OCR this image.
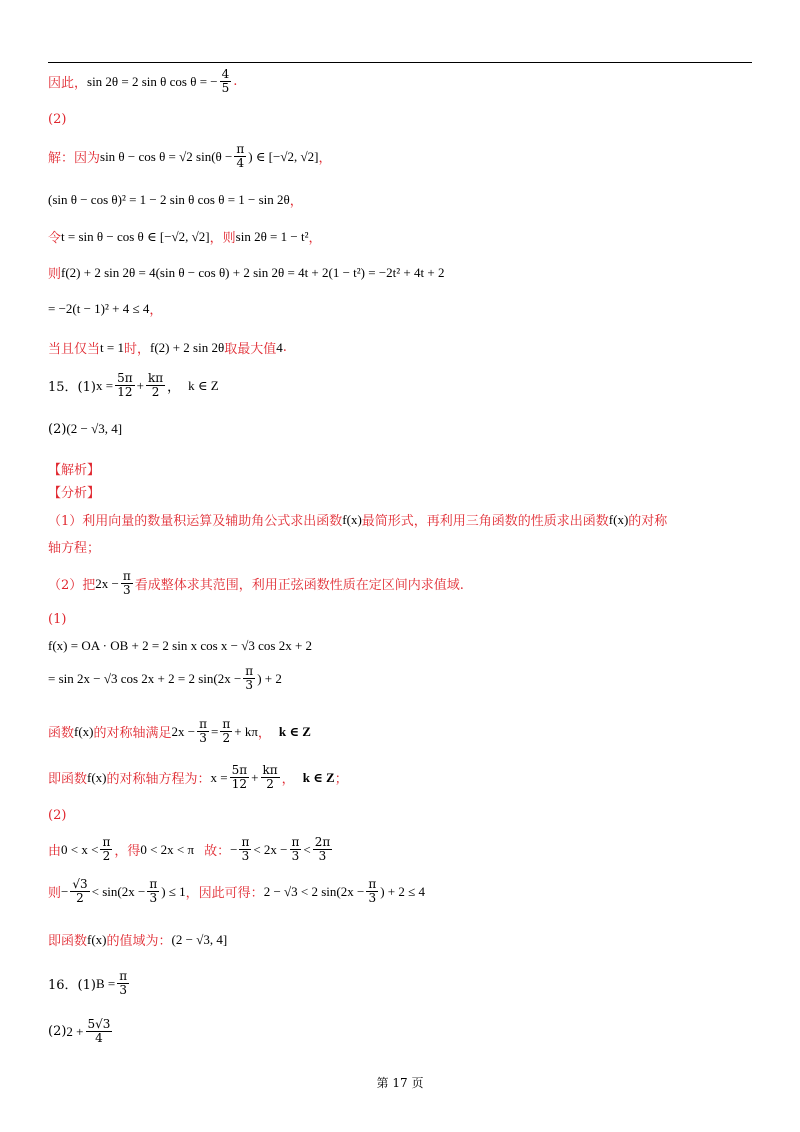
因此， sin 2θ = 2 sin θ cos θ = − $\frac{4}{5}$ .
(2)
解：因为 sin θ − cos θ = √2 $\sin(\theta - \frac{\pi}{4}$ ) ∈ [−√2, √2] ，
(sin θ − cos θ)² = 1 − 2 sin θ cos θ = 1 − sin 2θ ，
令 t = sin θ − cos θ ∈ [−√2, √2] ，则 sin 2θ = 1 − t² ，
则 f(2) + 2 sin 2θ = 4(sin θ − cos θ) + 2 sin 2θ = 4t + 2(1 − t²) = −2t² + 4t + 2
= −2(t − 1)² + 4 ≤ 4 ，
当且仅当 t = 1 时， f(2) + 2 sin 2θ 取最大值 4 .
15．(1) $x = \frac{5\pi}{12} + \frac{k\pi}{2}$ ， k ∈ Z
(2) (2 − √3, 4]
【解析】
【分析】
（1）利用向量的数量积运算及辅助角公式求出函数 f(x) 最简形式，再利用三角函数的性质求出函数 f(x) 的对称
轴方程；
（2）把 $2x - \frac{\pi}{3}$ 看成整体求其范围，利用正弦函数性质在定区间内求值域.
(1)
f(x) = OA · OB + 2 = 2 sin x cos x − √3 cos 2x + 2
= sin 2x − √3 cos 2x + 2 = 2 $\sin(2x - \frac{\pi}{3}$ ) + 2
函数 f(x) 的对称轴满足 $2x - \frac{\pi}{3} = \frac{\pi}{2} + k\pi$ ， k ∈ Z
即函数 f(x) 的对称轴方程为： $x = \frac{5\pi}{12} + \frac{k\pi}{2}$ ， k ∈ Z ；
(2)
由 $0 < x < \frac{\pi}{2}$ ，得 0 < 2x < π 故： − $\frac{\pi}{3} < 2x - \frac{\pi}{3} < \frac{2\pi}{3}$
则 − $\frac{√3}{2} < \sin(2x - \frac{\pi}{3}$ ) ≤ 1 ，因此可得： 2 − √3 < 2 $\sin(2x - \frac{\pi}{3}$ ) + 2 ≤ 4
即函数 f(x) 的值域为： (2 − √3, 4]
16．(1) $B = \frac{\pi}{3}$
(2) $2 + \frac{5√3}{4}$
第 17 页
